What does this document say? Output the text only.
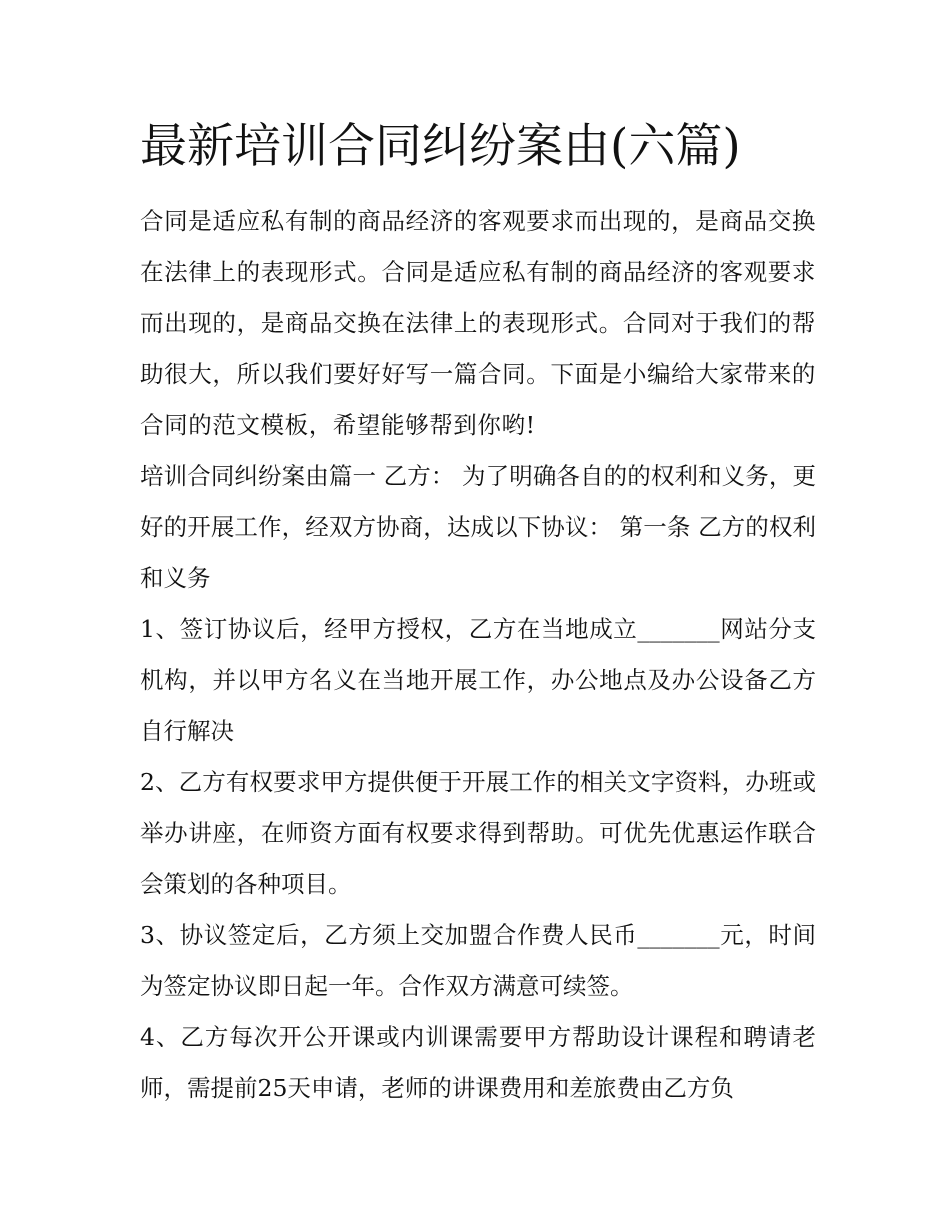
最新培训合同纠纷案由(六篇)

合同是适应私有制的商品经济的客观要求而出现的，是商品交换在法律上的表现形式。合同是适应私有制的商品经济的客观要求而出现的，是商品交换在法律上的表现形式。合同对于我们的帮助很大，所以我们要好好写一篇合同。下面是小编给大家带来的合同的范文模板，希望能够帮到你哟!

培训合同纠纷案由篇一 乙方： 为了明确各自的的权利和义务，更好的开展工作，经双方协商，达成以下协议： 第一条 乙方的权利和义务

1、签订协议后，经甲方授权，乙方在当地成立_______网站分支机构，并以甲方名义在当地开展工作，办公地点及办公设备乙方自行解决

2、乙方有权要求甲方提供便于开展工作的相关文字资料，办班或举办讲座，在师资方面有权要求得到帮助。可优先优惠运作联合会策划的各种项目。

3、协议签定后，乙方须上交加盟合作费人民币_______元，时间为签定协议即日起一年。合作双方满意可续签。

4、乙方每次开公开课或内训课需要甲方帮助设计课程和聘请老师，需提前25天申请，老师的讲课费用和差旅费由乙方负
